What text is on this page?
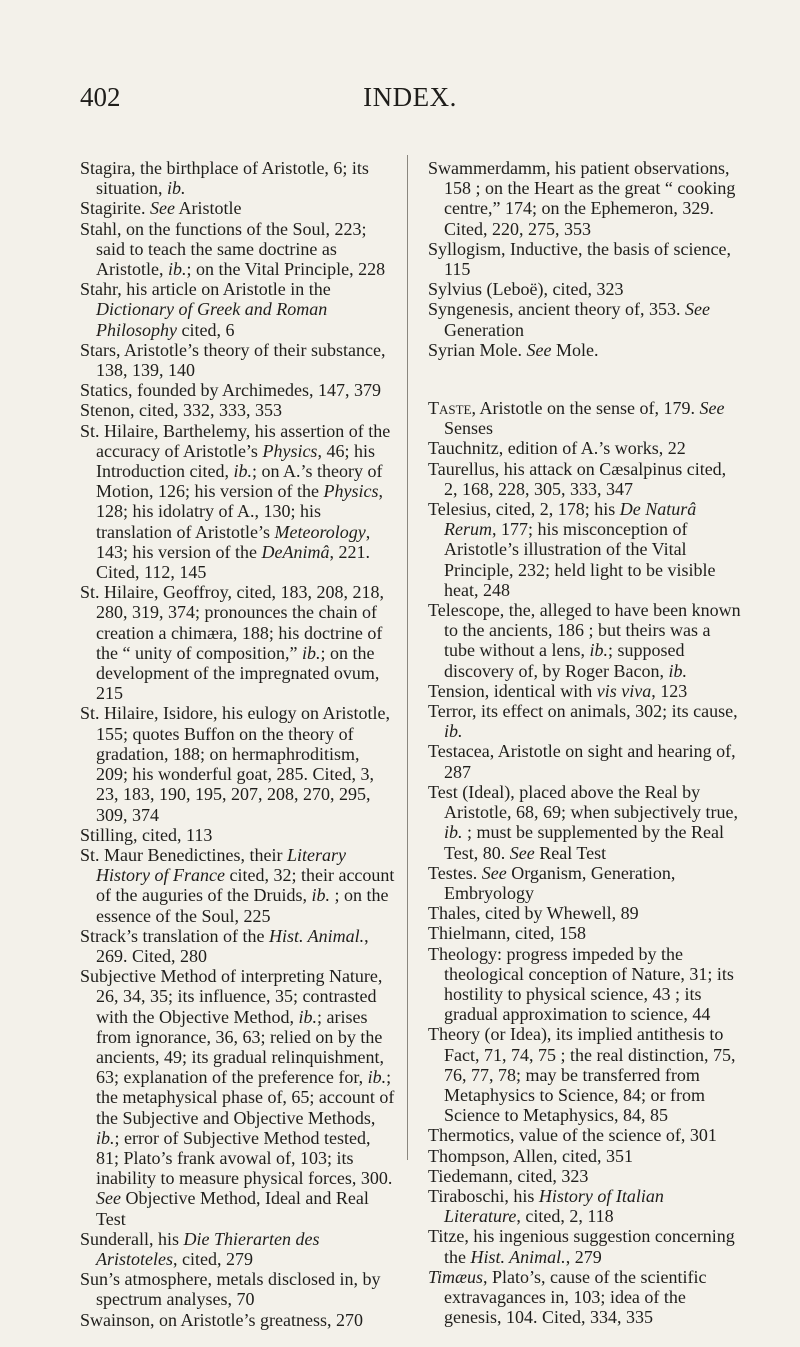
402	INDEX.

Stagira, the birthplace of Aristotle, 6; its situation, ib.

Stagirite. See Aristotle

Stahl, on the functions of the Soul, 223; said to teach the same doctrine as Aristotle, ib.; on the Vital Principle, 228

Stahr, his article on Aristotle in the Dictionary of Greek and Roman Philosophy cited, 6

Stars, Aristotle’s theory of their substance, 138, 139, 140

Statics, founded by Archimedes, 147, 379

Stenon, cited, 332, 333, 353

St. Hilaire, Barthelemy, his assertion of the accuracy of Aristotle’s Physics, 46; his Introduction cited, ib.; on A.’s theory of Motion, 126; his version of the Physics, 128; his idolatry of A., 130; his translation of Aristotle’s Meteorology, 143; his version of the DeAnimâ, 221. Cited, 112, 145

St. Hilaire, Geoffroy, cited, 183, 208, 218, 280, 319, 374; pronounces the chain of creation a chimæra, 188; his doctrine of the “ unity of composition,” ib.; on the development of the impregnated ovum, 215

St. Hilaire, Isidore, his eulogy on Aristotle, 155; quotes Buffon on the theory of gradation, 188; on hermaphroditism, 209; his wonderful goat, 285. Cited, 3, 23, 183, 190, 195, 207, 208, 270, 295, 309, 374

Stilling, cited, 113

St. Maur Benedictines, their Literary History of France cited, 32; their account of the auguries of the Druids, ib. ; on the essence of the Soul, 225

Strack’s translation of the Hist. Animal., 269. Cited, 280

Subjective Method of interpreting Nature, 26, 34, 35; its influence, 35; contrasted with the Objective Method, ib.; arises from ignorance, 36, 63; relied on by the ancients, 49; its gradual relinquishment, 63; explanation of the preference for, ib.; the metaphysical phase of, 65; account of the Subjective and Objective Methods, ib.; error of Subjective Method tested, 81; Plato’s frank avowal of, 103; its inability to measure physical forces, 300. See Objective Method, Ideal and Real Test

Sunderall, his Die Thierarten des Aristoteles, cited, 279

Sun’s atmosphere, metals disclosed in, by spectrum analyses, 70

Swainson, on Aristotle’s greatness, 270

Swammerdamm, his patient observations, 158 ; on the Heart as the great “ cooking centre,” 174; on the Ephemeron, 329. Cited, 220, 275, 353

Syllogism, Inductive, the basis of science, 115

Sylvius (Leboë), cited, 323

Syngenesis, ancient theory of, 353. See Generation

Syrian Mole. See Mole.

Taste, Aristotle on the sense of, 179. See Senses

Tauchnitz, edition of A.’s works, 22

Taurellus, his attack on Cæsalpinus cited, 2, 168, 228, 305, 333, 347

Telesius, cited, 2, 178; his De Naturâ Rerum, 177; his misconception of Aristotle’s illustration of the Vital Principle, 232; held light to be visible heat, 248

Telescope, the, alleged to have been known to the ancients, 186 ; but theirs was a tube without a lens, ib.; supposed discovery of, by Roger Bacon, ib.

Tension, identical with vis viva, 123

Terror, its effect on animals, 302; its cause, ib.

Testacea, Aristotle on sight and hearing of, 287

Test (Ideal), placed above the Real by Aristotle, 68, 69; when subjectively true, ib. ; must be supplemented by the Real Test, 80. See Real Test

Testes. See Organism, Generation, Embryology

Thales, cited by Whewell, 89

Thielmann, cited, 158

Theology: progress impeded by the theological conception of Nature, 31; its hostility to physical science, 43 ; its gradual approximation to science, 44

Theory (or Idea), its implied antithesis to Fact, 71, 74, 75 ; the real distinction, 75, 76, 77, 78; may be transferred from Metaphysics to Science, 84; or from Science to Metaphysics, 84, 85

Thermotics, value of the science of, 301

Thompson, Allen, cited, 351

Tiedemann, cited, 323

Tiraboschi, his History of Italian Literature, cited, 2, 118

Titze, his ingenious suggestion concerning the Hist. Animal., 279

Timæus, Plato’s, cause of the scientific extravagances in, 103; idea of the genesis, 104. Cited, 334, 335
